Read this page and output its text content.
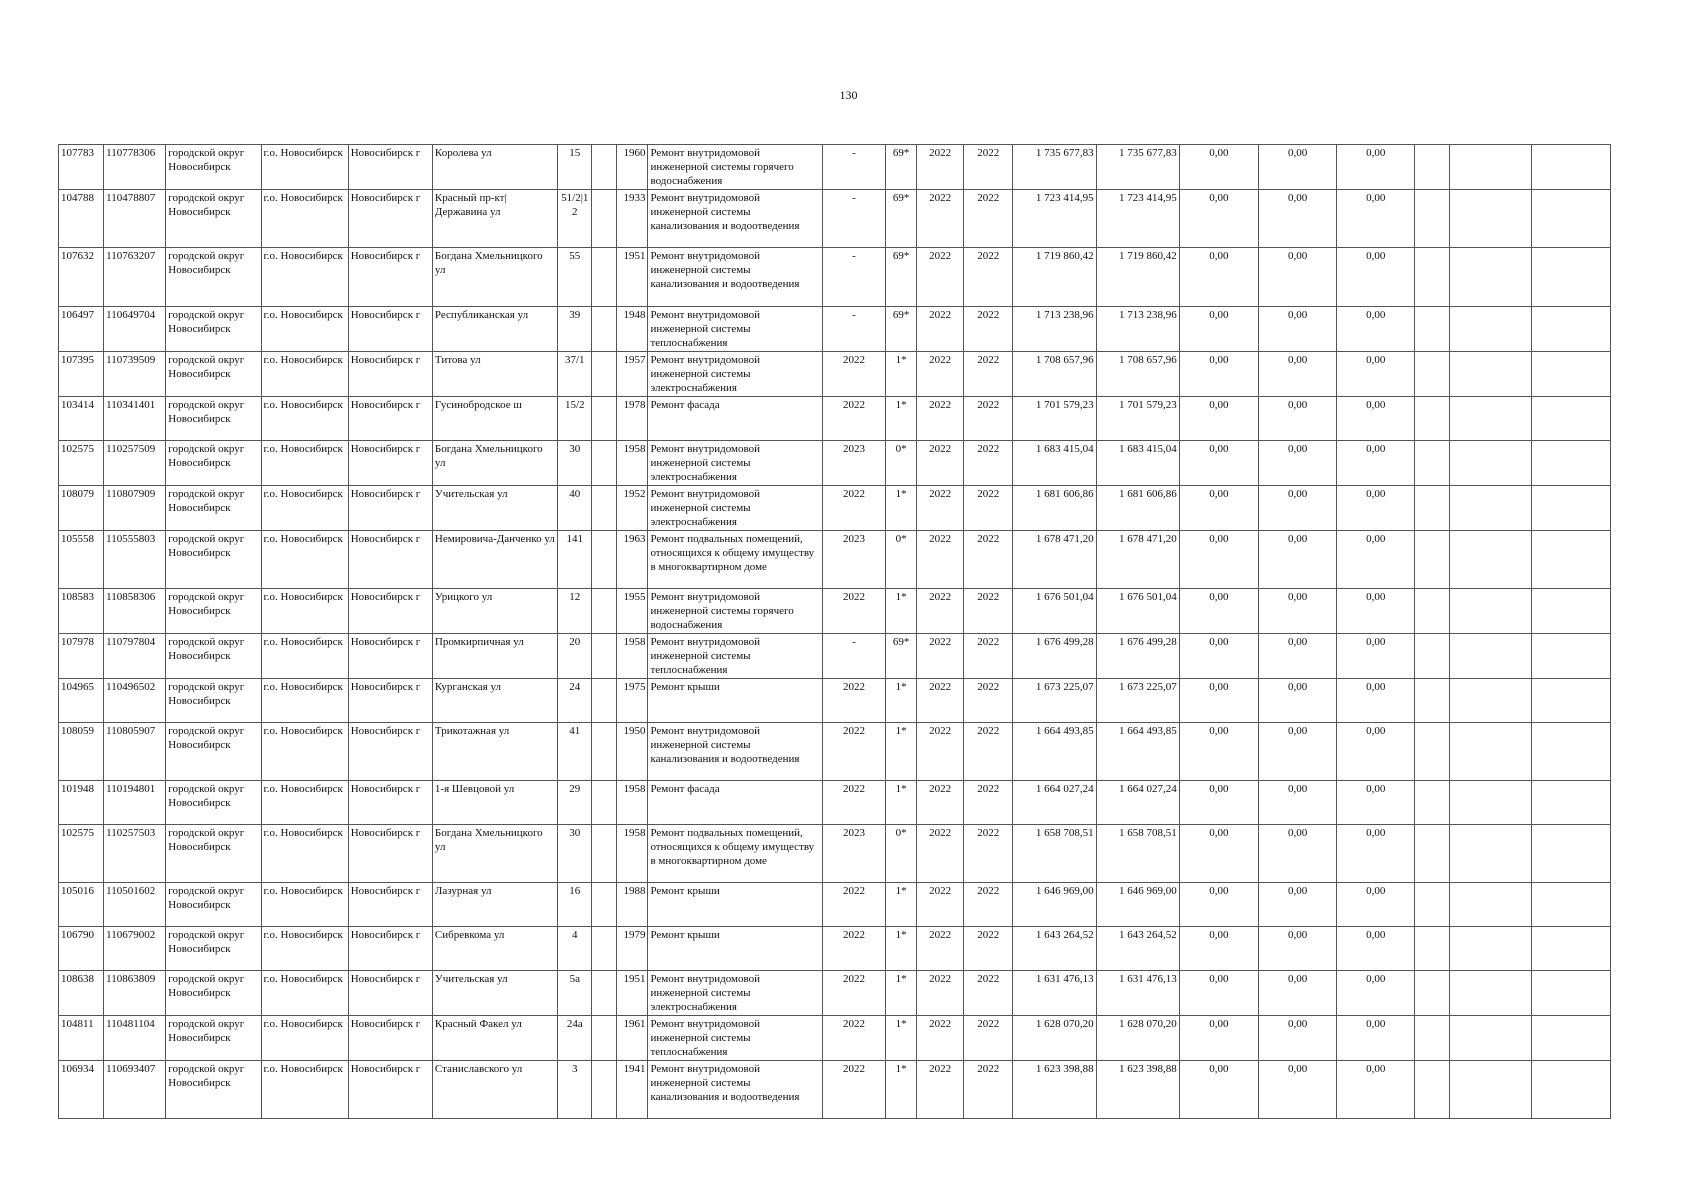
130
107783	110778306	городской округ Новосибирск	г.о. Новосибирск	Новосибирск г	Королева ул	15		1960	Ремонт внутридомовой инженерной системы горячего водоснабжения	-	69*	2022	2022	1 735 677,83	1 735 677,83	0,00	0,00	0,00			
104788	110478807	городской округ Новосибирск	г.о. Новосибирск	Новосибирск г	Красный пр-кт|Державина ул	51/2|12		1933	Ремонт внутридомовой инженерной системы канализования и водоотведения	-	69*	2022	2022	1 723 414,95	1 723 414,95	0,00	0,00	0,00			
107632	110763207	городской округ Новосибирск	г.о. Новосибирск	Новосибирск г	Богдана Хмельницкого ул	55		1951	Ремонт внутридомовой инженерной системы канализования и водоотведения	-	69*	2022	2022	1 719 860,42	1 719 860,42	0,00	0,00	0,00			
106497	110649704	городской округ Новосибирск	г.о. Новосибирск	Новосибирск г	Республиканская ул	39		1948	Ремонт внутридомовой инженерной системы теплоснабжения	-	69*	2022	2022	1 713 238,96	1 713 238,96	0,00	0,00	0,00			
107395	110739509	городской округ Новосибирск	г.о. Новосибирск	Новосибирск г	Титова ул	37/1		1957	Ремонт внутридомовой инженерной системы электроснабжения	2022	1*	2022	2022	1 708 657,96	1 708 657,96	0,00	0,00	0,00			
103414	110341401	городской округ Новосибирск	г.о. Новосибирск	Новосибирск г	Гусинобродское ш	15/2		1978	Ремонт фасада	2022	1*	2022	2022	1 701 579,23	1 701 579,23	0,00	0,00	0,00			
102575	110257509	городской округ Новосибирск	г.о. Новосибирск	Новосибирск г	Богдана Хмельницкого ул	30		1958	Ремонт внутридомовой инженерной системы электроснабжения	2023	0*	2022	2022	1 683 415,04	1 683 415,04	0,00	0,00	0,00			
108079	110807909	городской округ Новосибирск	г.о. Новосибирск	Новосибирск г	Учительская ул	40		1952	Ремонт внутридомовой инженерной системы электроснабжения	2022	1*	2022	2022	1 681 606,86	1 681 606,86	0,00	0,00	0,00			
105558	110555803	городской округ Новосибирск	г.о. Новосибирск	Новосибирск г	Немировича-Данченко ул	141		1963	Ремонт подвальных помещений, относящихся к общему имуществу в многоквартирном доме	2023	0*	2022	2022	1 678 471,20	1 678 471,20	0,00	0,00	0,00			
108583	110858306	городской округ Новосибирск	г.о. Новосибирск	Новосибирск г	Урицкого ул	12		1955	Ремонт внутридомовой инженерной системы горячего водоснабжения	2022	1*	2022	2022	1 676 501,04	1 676 501,04	0,00	0,00	0,00			
107978	110797804	городской округ Новосибирск	г.о. Новосибирск	Новосибирск г	Промкирпичная ул	20		1958	Ремонт внутридомовой инженерной системы теплоснабжения	-	69*	2022	2022	1 676 499,28	1 676 499,28	0,00	0,00	0,00			
104965	110496502	городской округ Новосибирск	г.о. Новосибирск	Новосибирск г	Курганская ул	24		1975	Ремонт крыши	2022	1*	2022	2022	1 673 225,07	1 673 225,07	0,00	0,00	0,00			
108059	110805907	городской округ Новосибирск	г.о. Новосибирск	Новосибирск г	Трикотажная ул	41		1950	Ремонт внутридомовой инженерной системы канализования и водоотведения	2022	1*	2022	2022	1 664 493,85	1 664 493,85	0,00	0,00	0,00			
101948	110194801	городской округ Новосибирск	г.о. Новосибирск	Новосибирск г	1-я Шевцовой ул	29		1958	Ремонт фасада	2022	1*	2022	2022	1 664 027,24	1 664 027,24	0,00	0,00	0,00			
102575	110257503	городской округ Новосибирск	г.о. Новосибирск	Новосибирск г	Богдана Хмельницкого ул	30		1958	Ремонт подвальных помещений, относящихся к общему имуществу в многоквартирном доме	2023	0*	2022	2022	1 658 708,51	1 658 708,51	0,00	0,00	0,00			
105016	110501602	городской округ Новосибирск	г.о. Новосибирск	Новосибирск г	Лазурная ул	16		1988	Ремонт крыши	2022	1*	2022	2022	1 646 969,00	1 646 969,00	0,00	0,00	0,00			
106790	110679002	городской округ Новосибирск	г.о. Новосибирск	Новосибирск г	Сибревкома ул	4		1979	Ремонт крыши	2022	1*	2022	2022	1 643 264,52	1 643 264,52	0,00	0,00	0,00			
108638	110863809	городской округ Новосибирск	г.о. Новосибирск	Новосибирск г	Учительская ул	5а		1951	Ремонт внутридомовой инженерной системы электроснабжения	2022	1*	2022	2022	1 631 476,13	1 631 476,13	0,00	0,00	0,00			
104811	110481104	городской округ Новосибирск	г.о. Новосибирск	Новосибирск г	Красный Факел ул	24а		1961	Ремонт внутридомовой инженерной системы теплоснабжения	2022	1*	2022	2022	1 628 070,20	1 628 070,20	0,00	0,00	0,00			
106934	110693407	городской округ Новосибирск	г.о. Новосибирск	Новосибирск г	Станиславского ул	3		1941	Ремонт внутридомовой инженерной системы канализования и водоотведения	2022	1*	2022	2022	1 623 398,88	1 623 398,88	0,00	0,00	0,00			
